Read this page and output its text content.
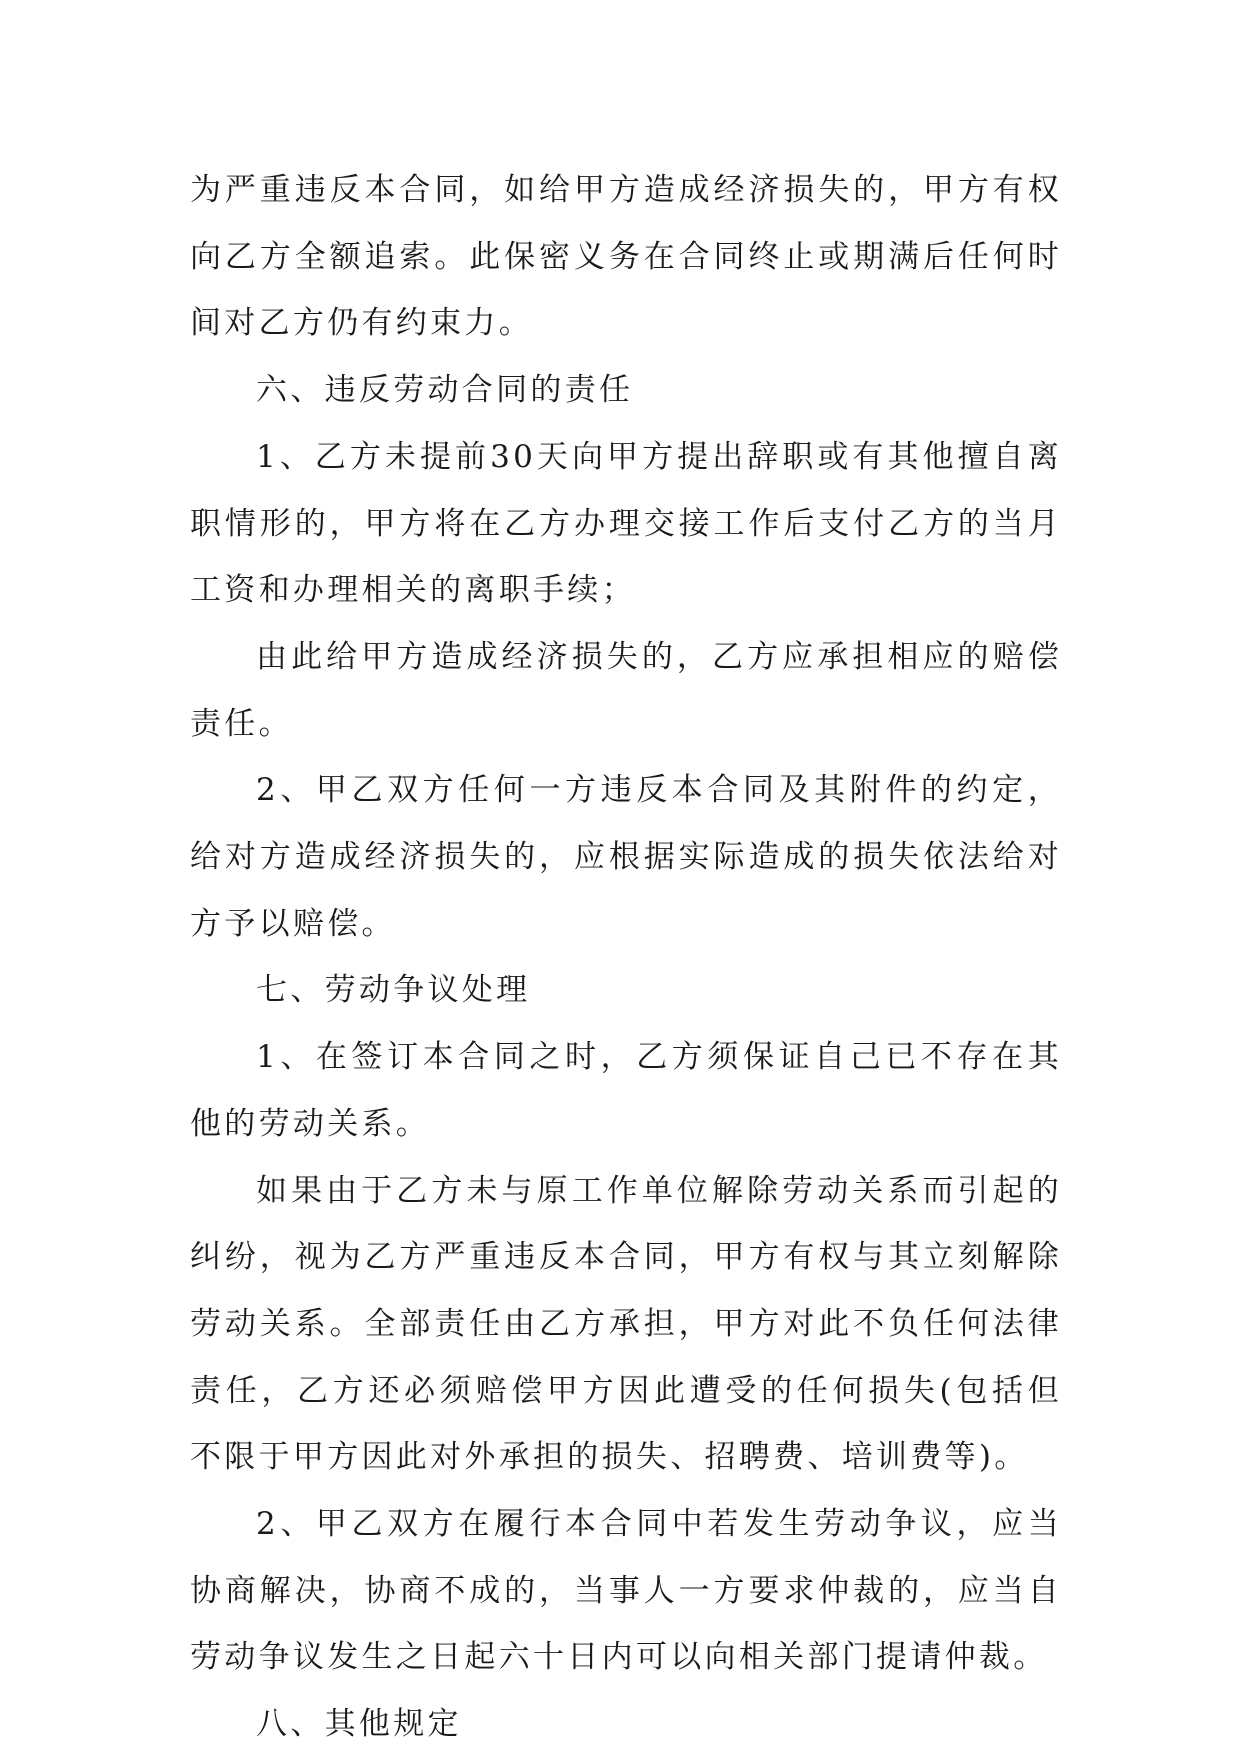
为严重违反本合同，如给甲方造成经济损失的，甲方有权向乙方全额追索。此保密义务在合同终止或期满后任何时间对乙方仍有约束力。

六、违反劳动合同的责任

1、乙方未提前30天向甲方提出辞职或有其他擅自离职情形的，甲方将在乙方办理交接工作后支付乙方的当月工资和办理相关的离职手续；

由此给甲方造成经济损失的，乙方应承担相应的赔偿责任。

2、甲乙双方任何一方违反本合同及其附件的约定，给对方造成经济损失的，应根据实际造成的损失依法给对方予以赔偿。

七、劳动争议处理

1、在签订本合同之时，乙方须保证自己已不存在其他的劳动关系。

如果由于乙方未与原工作单位解除劳动关系而引起的纠纷，视为乙方严重违反本合同，甲方有权与其立刻解除劳动关系。全部责任由乙方承担，甲方对此不负任何法律责任，乙方还必须赔偿甲方因此遭受的任何损失(包括但不限于甲方因此对外承担的损失、招聘费、培训费等)。

2、甲乙双方在履行本合同中若发生劳动争议，应当协商解决，协商不成的，当事人一方要求仲裁的，应当自劳动争议发生之日起六十日内可以向相关部门提请仲裁。

八、其他规定
